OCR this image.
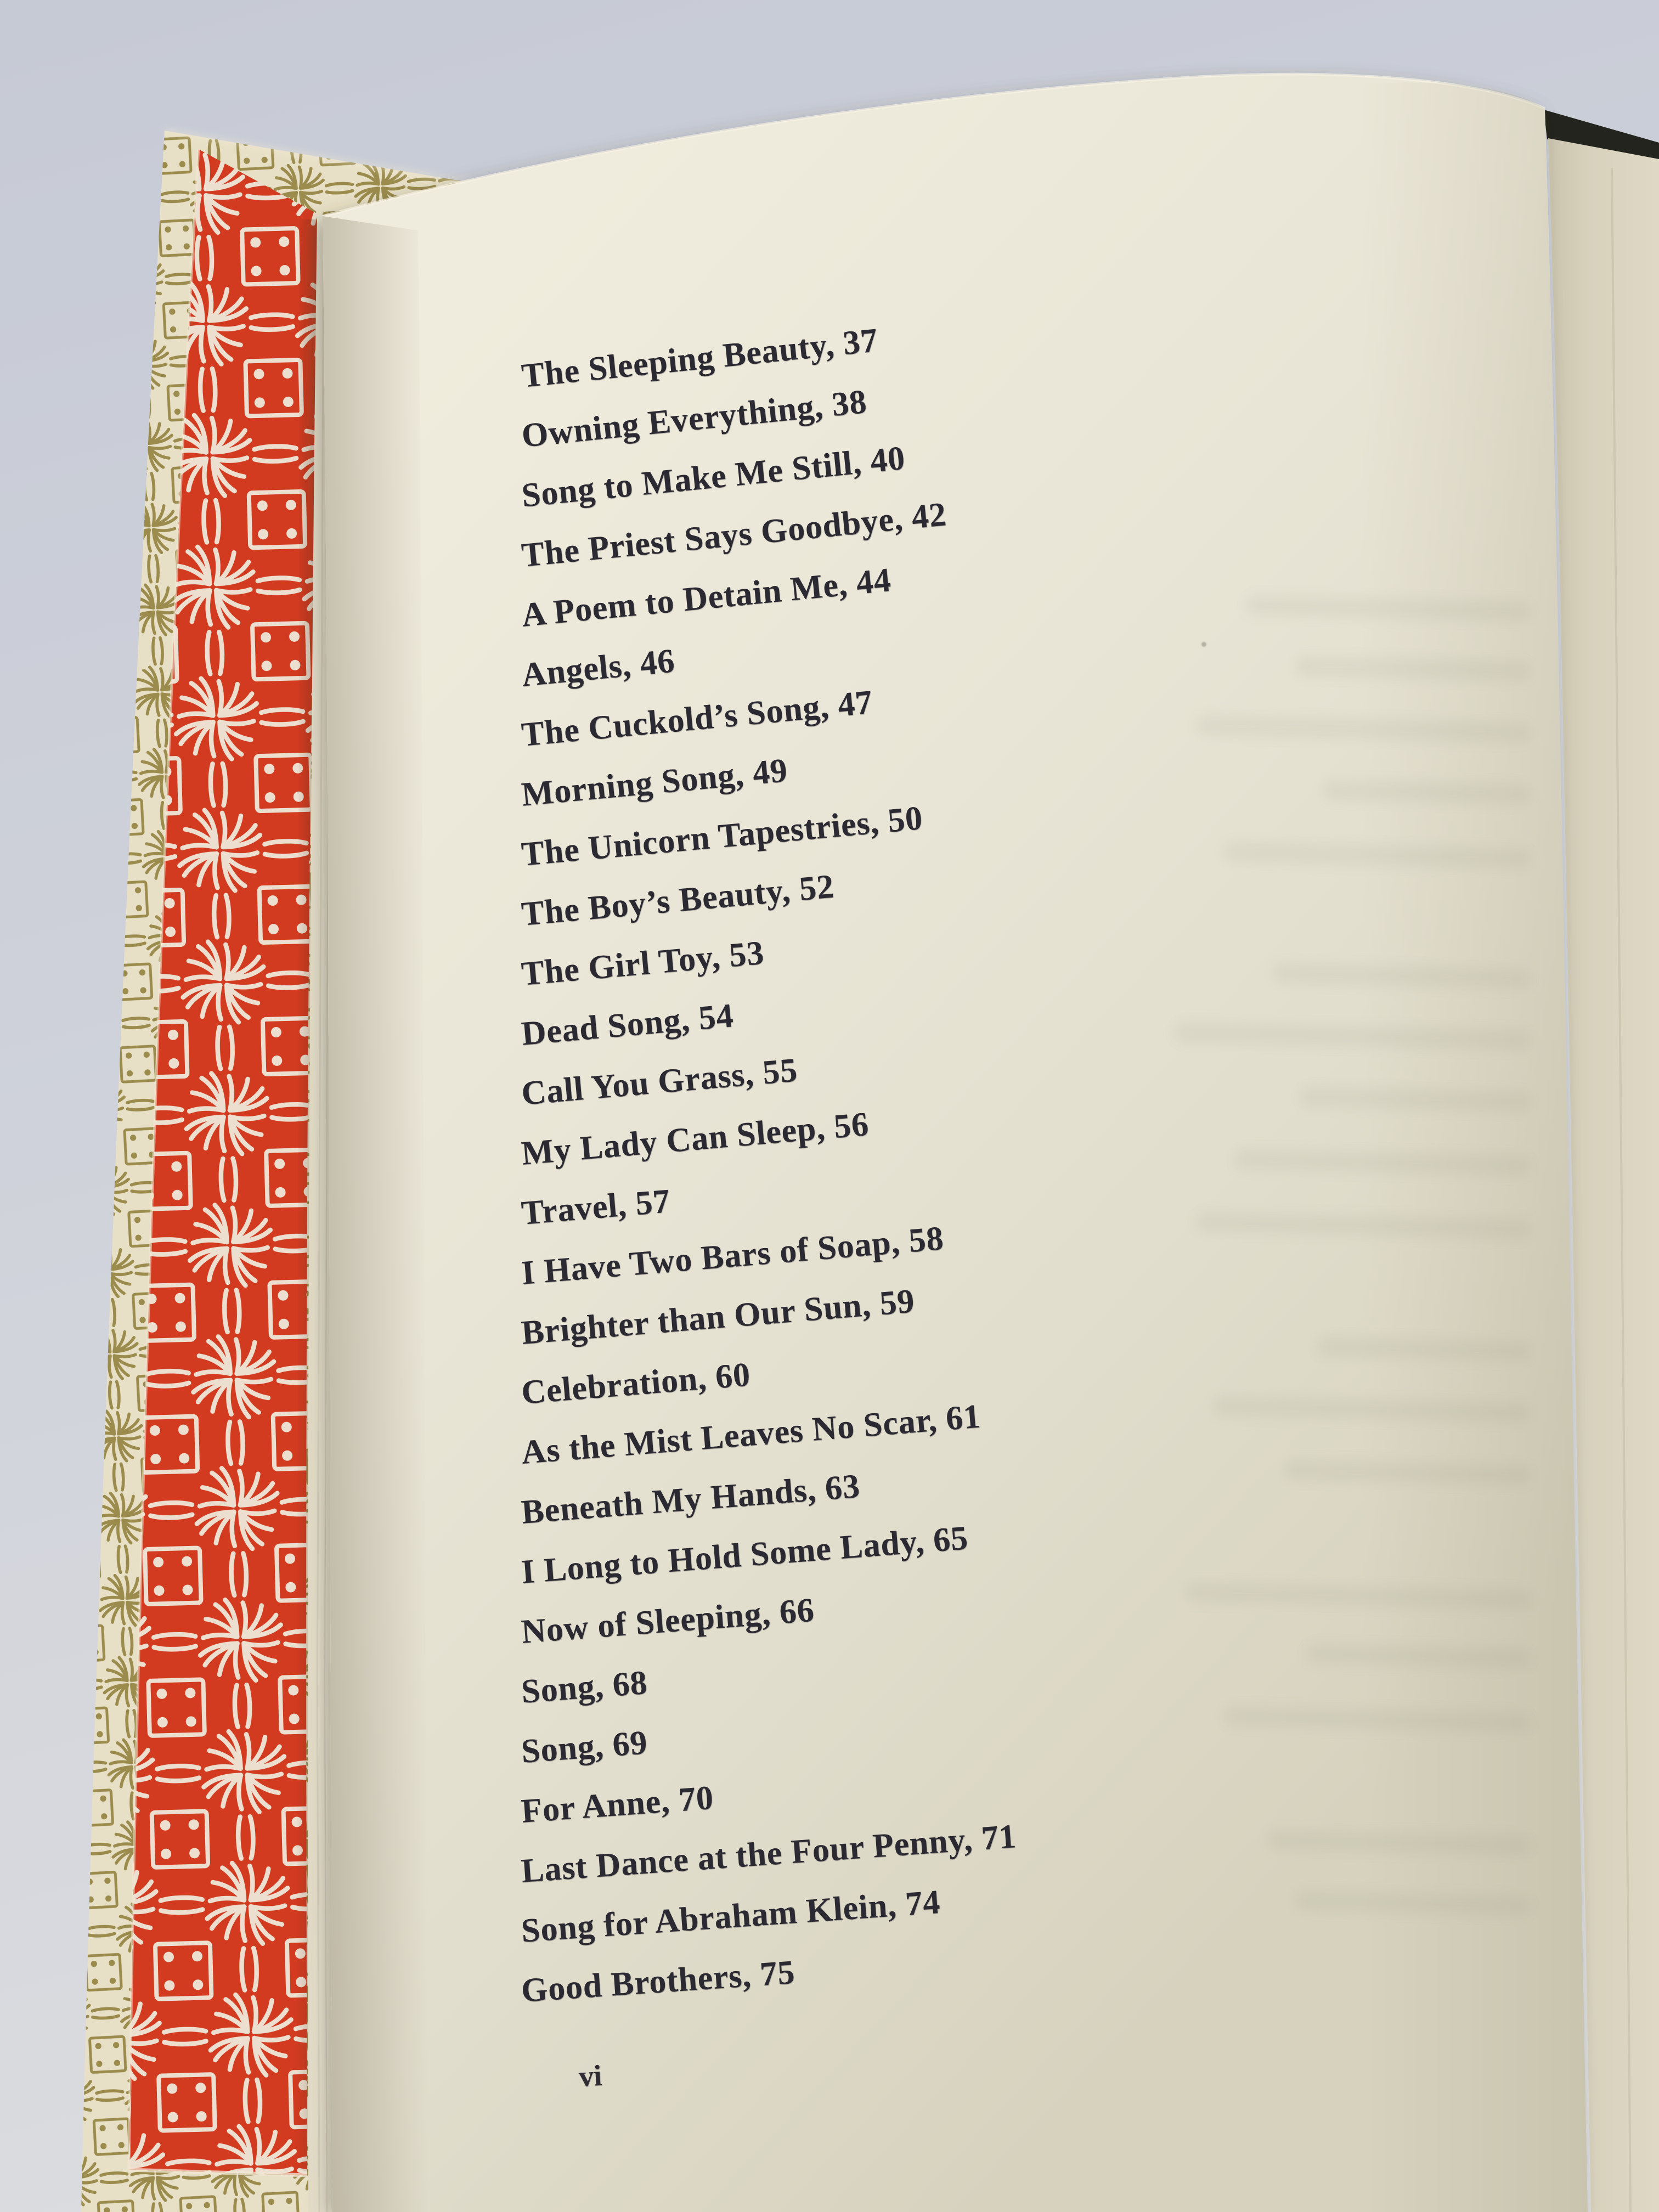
The Sleeping Beauty, 37
Owning Everything, 38
Song to Make Me Still, 40
The Priest Says Goodbye, 42
A Poem to Detain Me, 44
Angels, 46
The Cuckold’s Song, 47
Morning Song, 49
The Unicorn Tapestries, 50
The Boy’s Beauty, 52
The Girl Toy, 53
Dead Song, 54
Call You Grass, 55
My Lady Can Sleep, 56
Travel, 57
I Have Two Bars of Soap, 58
Brighter than Our Sun, 59
Celebration, 60
As the Mist Leaves No Scar, 61
Beneath My Hands, 63
I Long to Hold Some Lady, 65
Now of Sleeping, 66
Song, 68
Song, 69
For Anne, 70
Last Dance at the Four Penny, 71
Song for Abraham Klein, 74
Good Brothers, 75
vi
